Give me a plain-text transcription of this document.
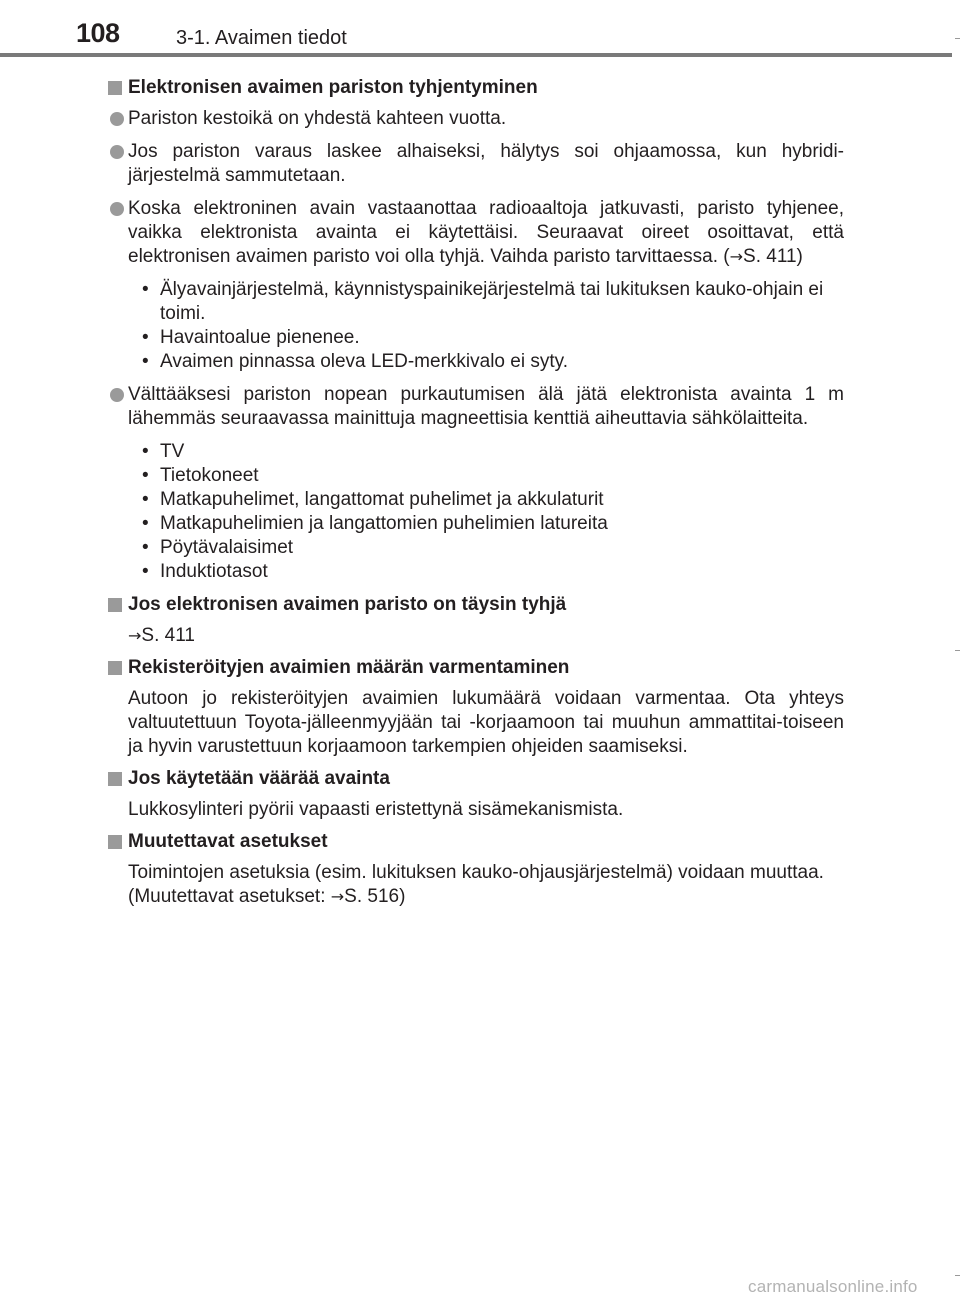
108	3-1. Avaimen tiedot
Elektronisen avaimen pariston tyhjentyminen
Pariston kestoikä on yhdestä kahteen vuotta.
Jos pariston varaus laskee alhaiseksi, hälytys soi ohjaamossa, kun hybridi-järjestelmä sammutetaan.
Koska elektroninen avain vastaanottaa radioaaltoja jatkuvasti, paristo tyhjenee, vaikka elektronista avainta ei käytettäisi. Seuraavat oireet osoittavat, että elektronisen avaimen paristo voi olla tyhjä. Vaihda paristo tarvittaessa. (→S. 411)
• Älyavainjärjestelmä, käynnistyspainikejärjestelmä tai lukituksen kauko-ohjain ei toimi.
• Havaintoalue pienenee.
• Avaimen pinnassa oleva LED-merkkivalo ei syty.
Välttääksesi pariston nopean purkautumisen älä jätä elektronista avainta 1 m lähemmäs seuraavassa mainittuja magneettisia kenttiä aiheuttavia sähkölaitteita.
• TV
• Tietokoneet
• Matkapuhelimet, langattomat puhelimet ja akkulaturit
• Matkapuhelimien ja langattomien puhelimien latureita
• Pöytävalaisimet
• Induktiotasot
Jos elektronisen avaimen paristo on täysin tyhjä
→S. 411
Rekisteröityjen avaimien määrän varmentaminen
Autoon jo rekisteröityjen avaimien lukumäärä voidaan varmentaa. Ota yhteys valtuutettuun Toyota-jälleenmyyjään tai -korjaamoon tai muuhun ammattitai-toiseen ja hyvin varustettuun korjaamoon tarkempien ohjeiden saamiseksi.
Jos käytetään väärää avainta
Lukkosylinteri pyörii vapaasti eristettynä sisämekanismista.
Muutettavat asetukset
Toimintojen asetuksia (esim. lukituksen kauko-ohjausjärjestelmä) voidaan muuttaa.
(Muutettavat asetukset: →S. 516)
carmanualsonline.info
